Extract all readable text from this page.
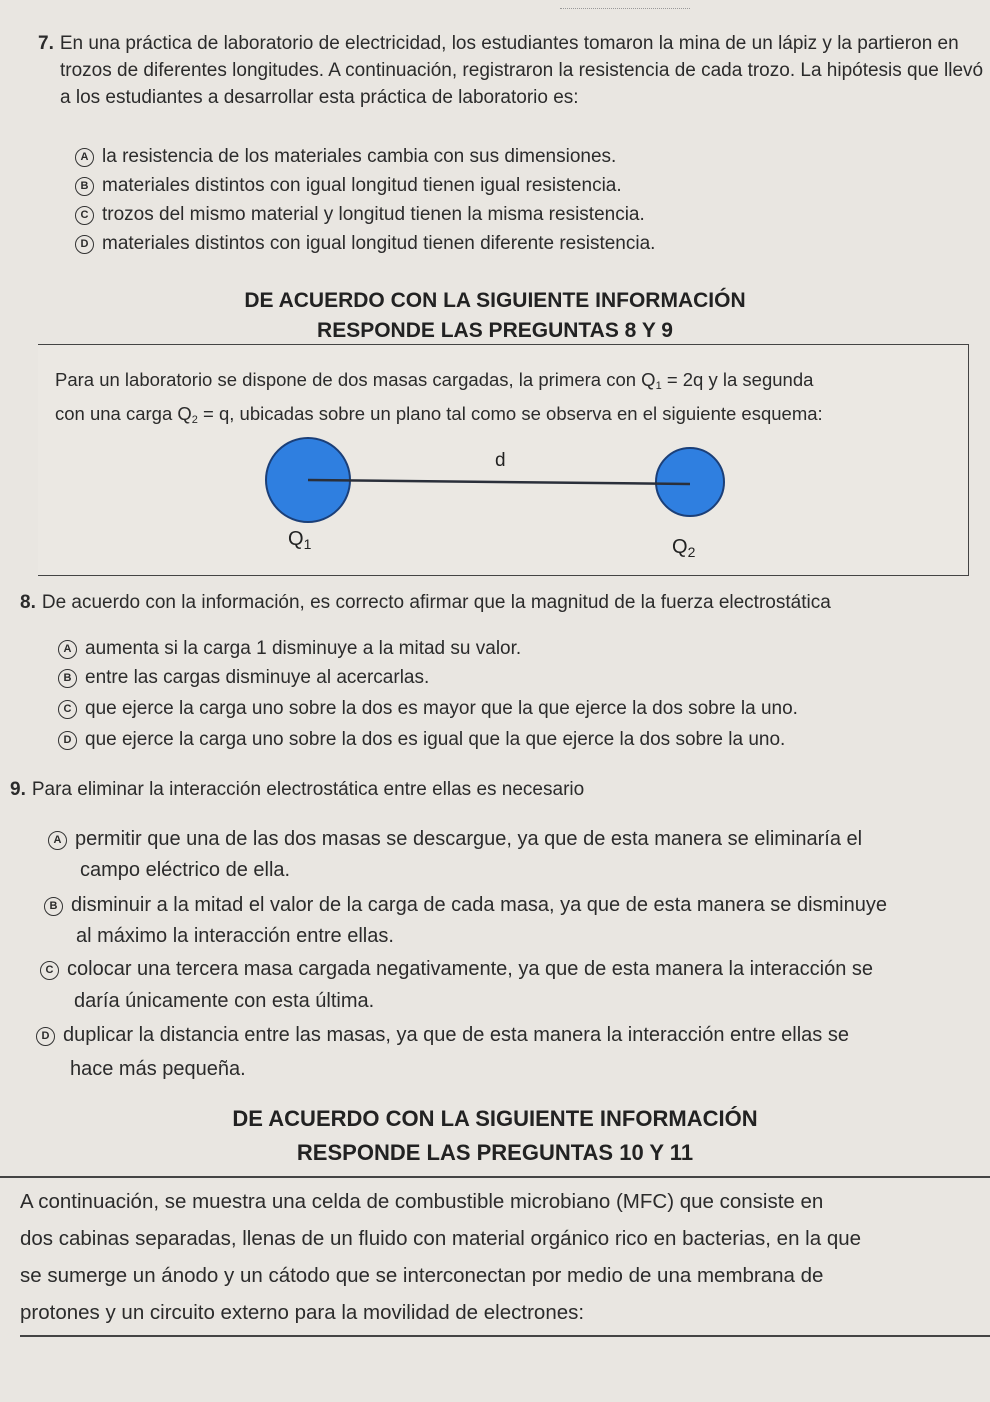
7. En una práctica de laboratorio de electricidad, los estudiantes tomaron la mina de un lápiz y la partieron en trozos de diferentes longitudes. A continuación, registraron la resistencia de cada trozo. La hipótesis que llevó a los estudiantes a desarrollar esta práctica de laboratorio es:
A la resistencia de los materiales cambia con sus dimensiones.
B materiales distintos con igual longitud tienen igual resistencia.
C trozos del mismo material y longitud tienen la misma resistencia.
D materiales distintos con igual longitud tienen diferente resistencia.
DE ACUERDO CON LA SIGUIENTE INFORMACIÓN
RESPONDE LAS PREGUNTAS 8 Y 9
Para un laboratorio se dispone de dos masas cargadas, la primera con $Q_1 = 2q$ y la segunda
con una carga $Q_2 = q$, ubicadas sobre un plano tal como se observa en el siguiente esquema:
d
$Q_1$	$Q_2$
8. De acuerdo con la información, es correcto afirmar que la magnitud de la fuerza electrostática
A aumenta si la carga 1 disminuye a la mitad su valor.
B entre las cargas disminuye al acercarlas.
C que ejerce la carga uno sobre la dos es mayor que la que ejerce la dos sobre la uno.
D que ejerce la carga uno sobre la dos es igual que la que ejerce la dos sobre la uno.
9. Para eliminar la interacción electrostática entre ellas es necesario
A permitir que una de las dos masas se descargue, ya que de esta manera se eliminaría el
campo eléctrico de ella.
B disminuir a la mitad el valor de la carga de cada masa, ya que de esta manera se disminuye
al máximo la interacción entre ellas.
C colocar una tercera masa cargada negativamente, ya que de esta manera la interacción se
daría únicamente con esta última.
D duplicar la distancia entre las masas, ya que de esta manera la interacción entre ellas se
hace más pequeña.
DE ACUERDO CON LA SIGUIENTE INFORMACIÓN
RESPONDE LAS PREGUNTAS 10 Y 11
A continuación, se muestra una celda de combustible microbiano (MFC) que consiste en
dos cabinas separadas, llenas de un fluido con material orgánico rico en bacterias, en la que
se sumerge un ánodo y un cátodo que se interconectan por medio de una membrana de
protones y un circuito externo para la movilidad de electrones:
